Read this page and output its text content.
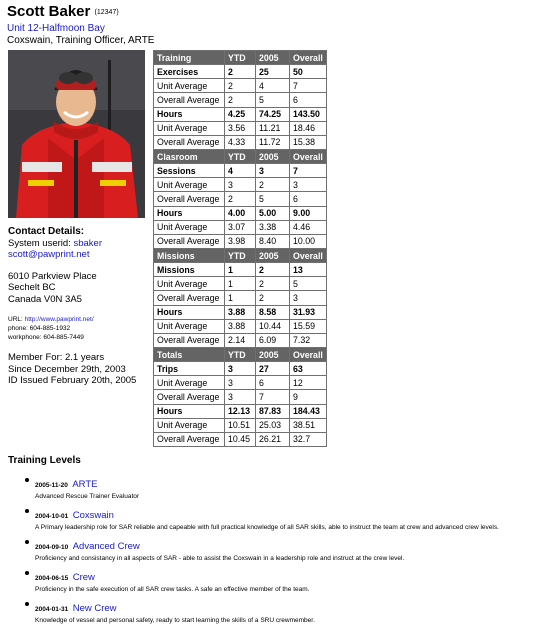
Scott Baker (12347)
Unit 12-Halfmoon Bay
Coxswain, Training Officer, ARTE
Contact Details:
System userid: sbaker
scott@pawprint.net
6010 Parkview Place
Sechelt BC
Canada V0N 3A5
URL: http://www.pawprint.net/
phone: 604-885-1932
workphone: 604-885-7449
Member For: 2.1 years
Since December 29th, 2003
ID Issued February 20th, 2005
Training	YTD	2005	Overall
Exercises	2	25	50
Unit Average	2	4	7
Overall Average	2	5	6
Hours	4.25	74.25	143.50
Unit Average	3.56	11.21	18.46
Overall Average	4.33	11.72	15.38
Clasroom	YTD	2005	Overall
Sessions	4	3	7
Unit Average	3	2	3
Overall Average	2	5	6
Hours	4.00	5.00	9.00
Unit Average	3.07	3.38	4.46
Overall Average	3.98	8.40	10.00
Missions	YTD	2005	Overall
Missions	1	2	13
Unit Average	1	2	5
Overall Average	1	2	3
Hours	3.88	8.58	31.93
Unit Average	3.88	10.44	15.59
Overall Average	2.14	6.09	7.32
Totals	YTD	2005	Overall
Trips	3	27	63
Unit Average	3	6	12
Overall Average	3	7	9
Hours	12.13	87.83	184.43
Unit Average	10.51	25.03	38.51
Overall Average	10.45	26.21	32.7
Training Levels
2005-11-20 ARTE
Advanced Rescue Trainer Evaluator
2004-10-01 Coxswain
A Primary leadership role for SAR reliable and capeable with full practical knowledge of all SAR skills, able to instruct the team at crew and advanced crew levels.
2004-09-10 Advanced Crew
Proficiency and consistancy in all aspects of SAR - able to assist the Coxswain in a leadership role and instruct at the crew level.
2004-06-15 Crew
Proficiency in the safe execution of all SAR crew tasks. A safe an effective member of the team.
2004-01-31 New Crew
Knowledge of vessel and personal safety, ready to start learning the skills of a SRU crewmember.
